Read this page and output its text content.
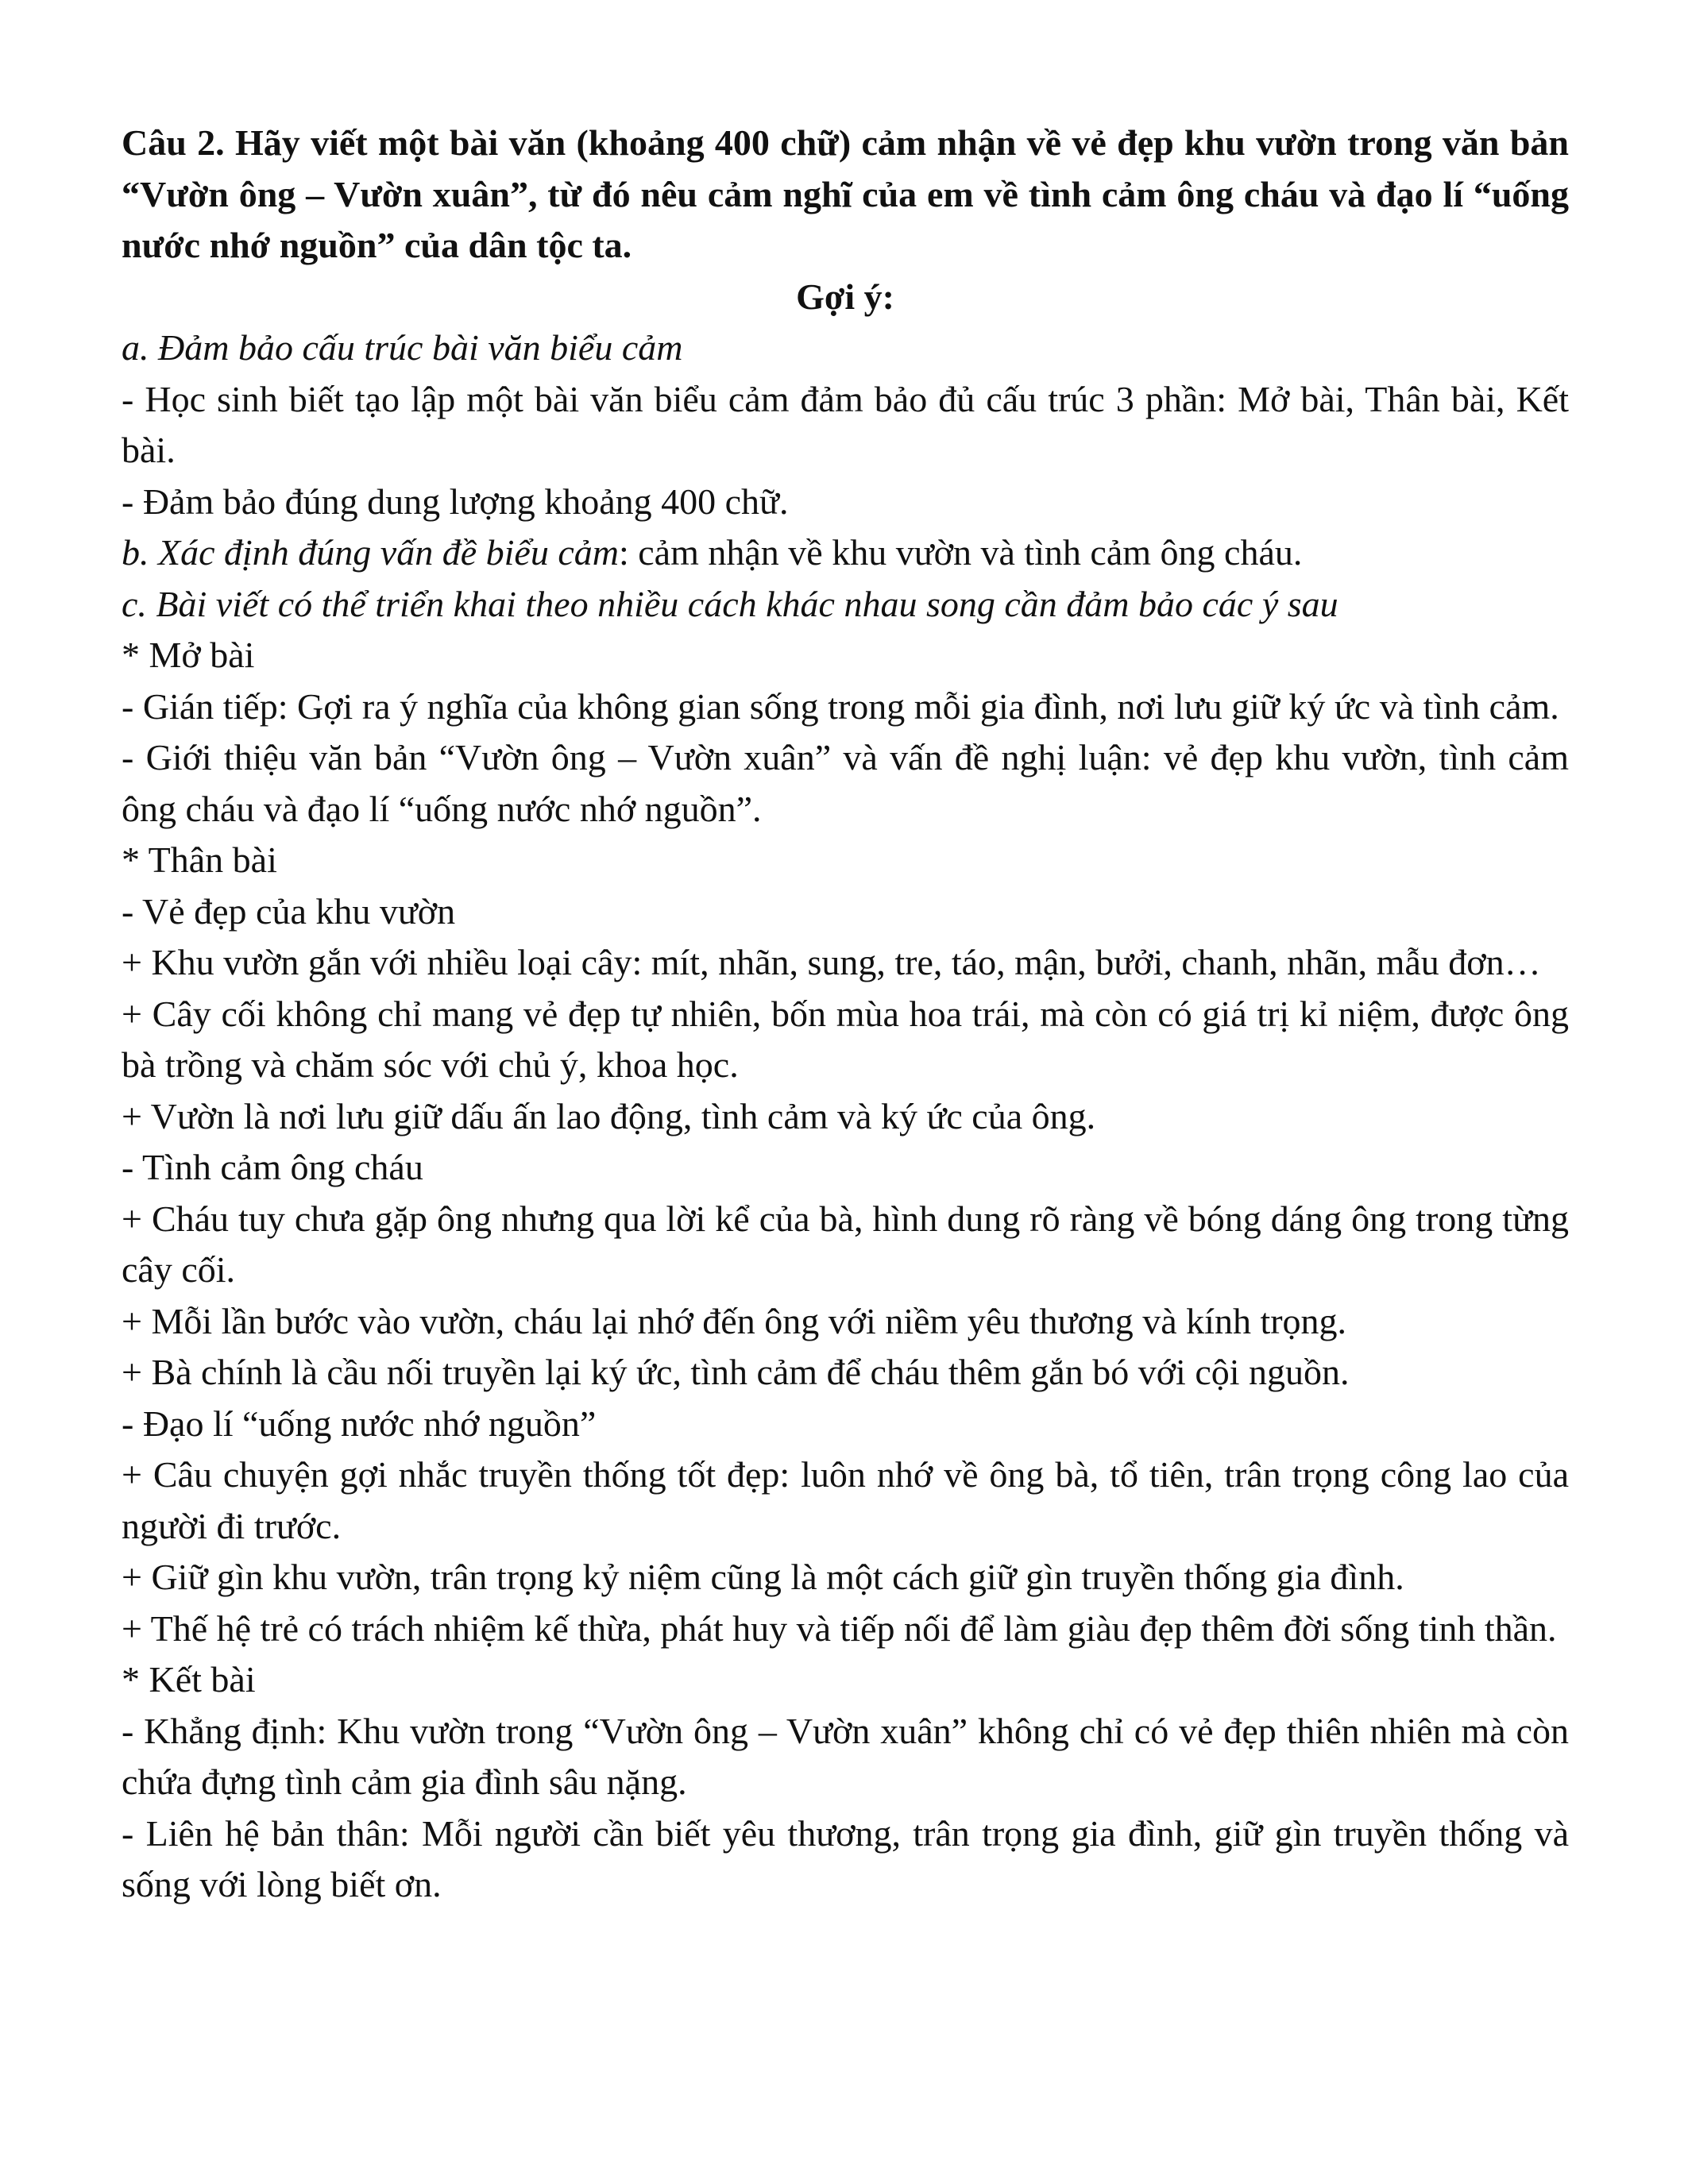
Câu 2. Hãy viết một bài văn (khoảng 400 chữ) cảm nhận về vẻ đẹp khu vườn trong văn bản “Vườn ông – Vườn xuân”, từ đó nêu cảm nghĩ của em về tình cảm ông cháu và đạo lí “uống nước nhớ nguồn” của dân tộc ta.

Gợi ý:

a. Đảm bảo cấu trúc bài văn biểu cảm

- Học sinh biết tạo lập một bài văn biểu cảm đảm bảo đủ cấu trúc 3 phần: Mở bài, Thân bài, Kết bài.

- Đảm bảo đúng dung lượng khoảng 400 chữ.

b. Xác định đúng vấn đề biểu cảm: cảm nhận về khu vườn và tình cảm ông cháu.

c. Bài viết có thể triển khai theo nhiều cách khác nhau song cần đảm bảo các ý sau

* Mở bài

- Gián tiếp: Gợi ra ý nghĩa của không gian sống trong mỗi gia đình, nơi lưu giữ ký ức và tình cảm.

- Giới thiệu văn bản “Vườn ông – Vườn xuân” và vấn đề nghị luận: vẻ đẹp khu vườn, tình cảm ông cháu và đạo lí “uống nước nhớ nguồn”.

* Thân bài

- Vẻ đẹp của khu vườn

+ Khu vườn gắn với nhiều loại cây: mít, nhãn, sung, tre, táo, mận, bưởi, chanh, nhãn, mẫu đơn…

+ Cây cối không chỉ mang vẻ đẹp tự nhiên, bốn mùa hoa trái, mà còn có giá trị kỉ niệm, được ông bà trồng và chăm sóc với chủ ý, khoa học.

+ Vườn là nơi lưu giữ dấu ấn lao động, tình cảm và ký ức của ông.

- Tình cảm ông cháu

+ Cháu tuy chưa gặp ông nhưng qua lời kể của bà, hình dung rõ ràng về bóng dáng ông trong từng cây cối.

+ Mỗi lần bước vào vườn, cháu lại nhớ đến ông với niềm yêu thương và kính trọng.

+ Bà chính là cầu nối truyền lại ký ức, tình cảm để cháu thêm gắn bó với cội nguồn.

- Đạo lí “uống nước nhớ nguồn”

+ Câu chuyện gợi nhắc truyền thống tốt đẹp: luôn nhớ về ông bà, tổ tiên, trân trọng công lao của người đi trước.

+ Giữ gìn khu vườn, trân trọng kỷ niệm cũng là một cách giữ gìn truyền thống gia đình.

+ Thế hệ trẻ có trách nhiệm kế thừa, phát huy và tiếp nối để làm giàu đẹp thêm đời sống tinh thần.

* Kết bài

- Khẳng định: Khu vườn trong “Vườn ông – Vườn xuân” không chỉ có vẻ đẹp thiên nhiên mà còn chứa đựng tình cảm gia đình sâu nặng.

- Liên hệ bản thân: Mỗi người cần biết yêu thương, trân trọng gia đình, giữ gìn truyền thống và sống với lòng biết ơn.
